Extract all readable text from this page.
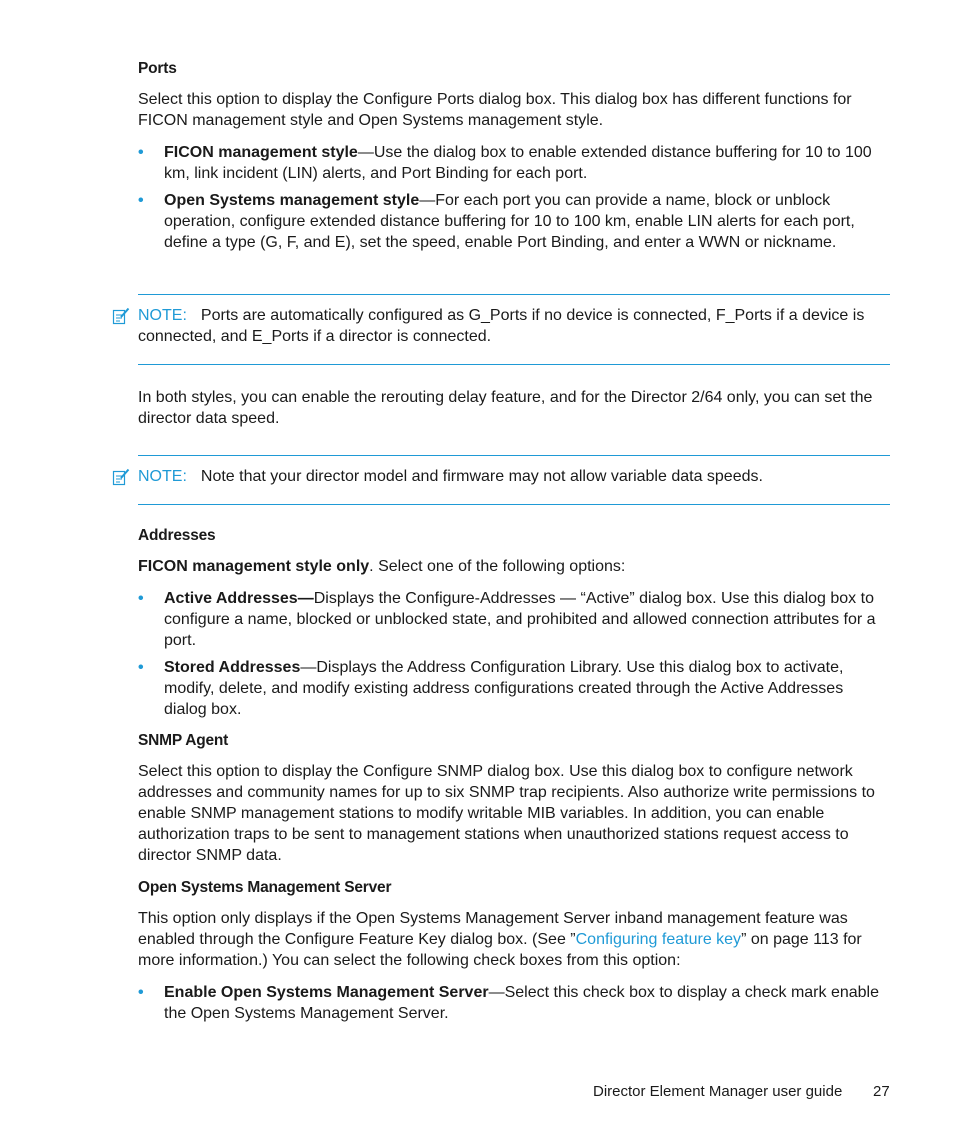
Ports
Select this option to display the Configure Ports dialog box. This dialog box has different functions for FICON management style and Open Systems management style.
• FICON management style—Use the dialog box to enable extended distance buffering for 10 to 100 km, link incident (LIN) alerts, and Port Binding for each port.
• Open Systems management style—For each port you can provide a name, block or unblock operation, configure extended distance buffering for 10 to 100 km, enable LIN alerts for each port, define a type (G, F, and E), set the speed, enable Port Binding, and enter a WWN or nickname.
NOTE: Ports are automatically configured as G_Ports if no device is connected, F_Ports if a device is connected, and E_Ports if a director is connected.
In both styles, you can enable the rerouting delay feature, and for the Director 2/64 only, you can set the director data speed.
NOTE: Note that your director model and firmware may not allow variable data speeds.
Addresses
FICON management style only. Select one of the following options:
• Active Addresses—Displays the Configure-Addresses — “Active” dialog box. Use this dialog box to configure a name, blocked or unblocked state, and prohibited and allowed connection attributes for a port.
• Stored Addresses—Displays the Address Configuration Library. Use this dialog box to activate, modify, delete, and modify existing address configurations created through the Active Addresses dialog box.
SNMP Agent
Select this option to display the Configure SNMP dialog box. Use this dialog box to configure network addresses and community names for up to six SNMP trap recipients. Also authorize write permissions to enable SNMP management stations to modify writable MIB variables. In addition, you can enable authorization traps to be sent to management stations when unauthorized stations request access to director SNMP data.
Open Systems Management Server
This option only displays if the Open Systems Management Server inband management feature was enabled through the Configure Feature Key dialog box. (See ”Configuring feature key” on page 113 for more information.) You can select the following check boxes from this option:
• Enable Open Systems Management Server—Select this check box to display a check mark enable the Open Systems Management Server.
Director Element Manager user guide 27
